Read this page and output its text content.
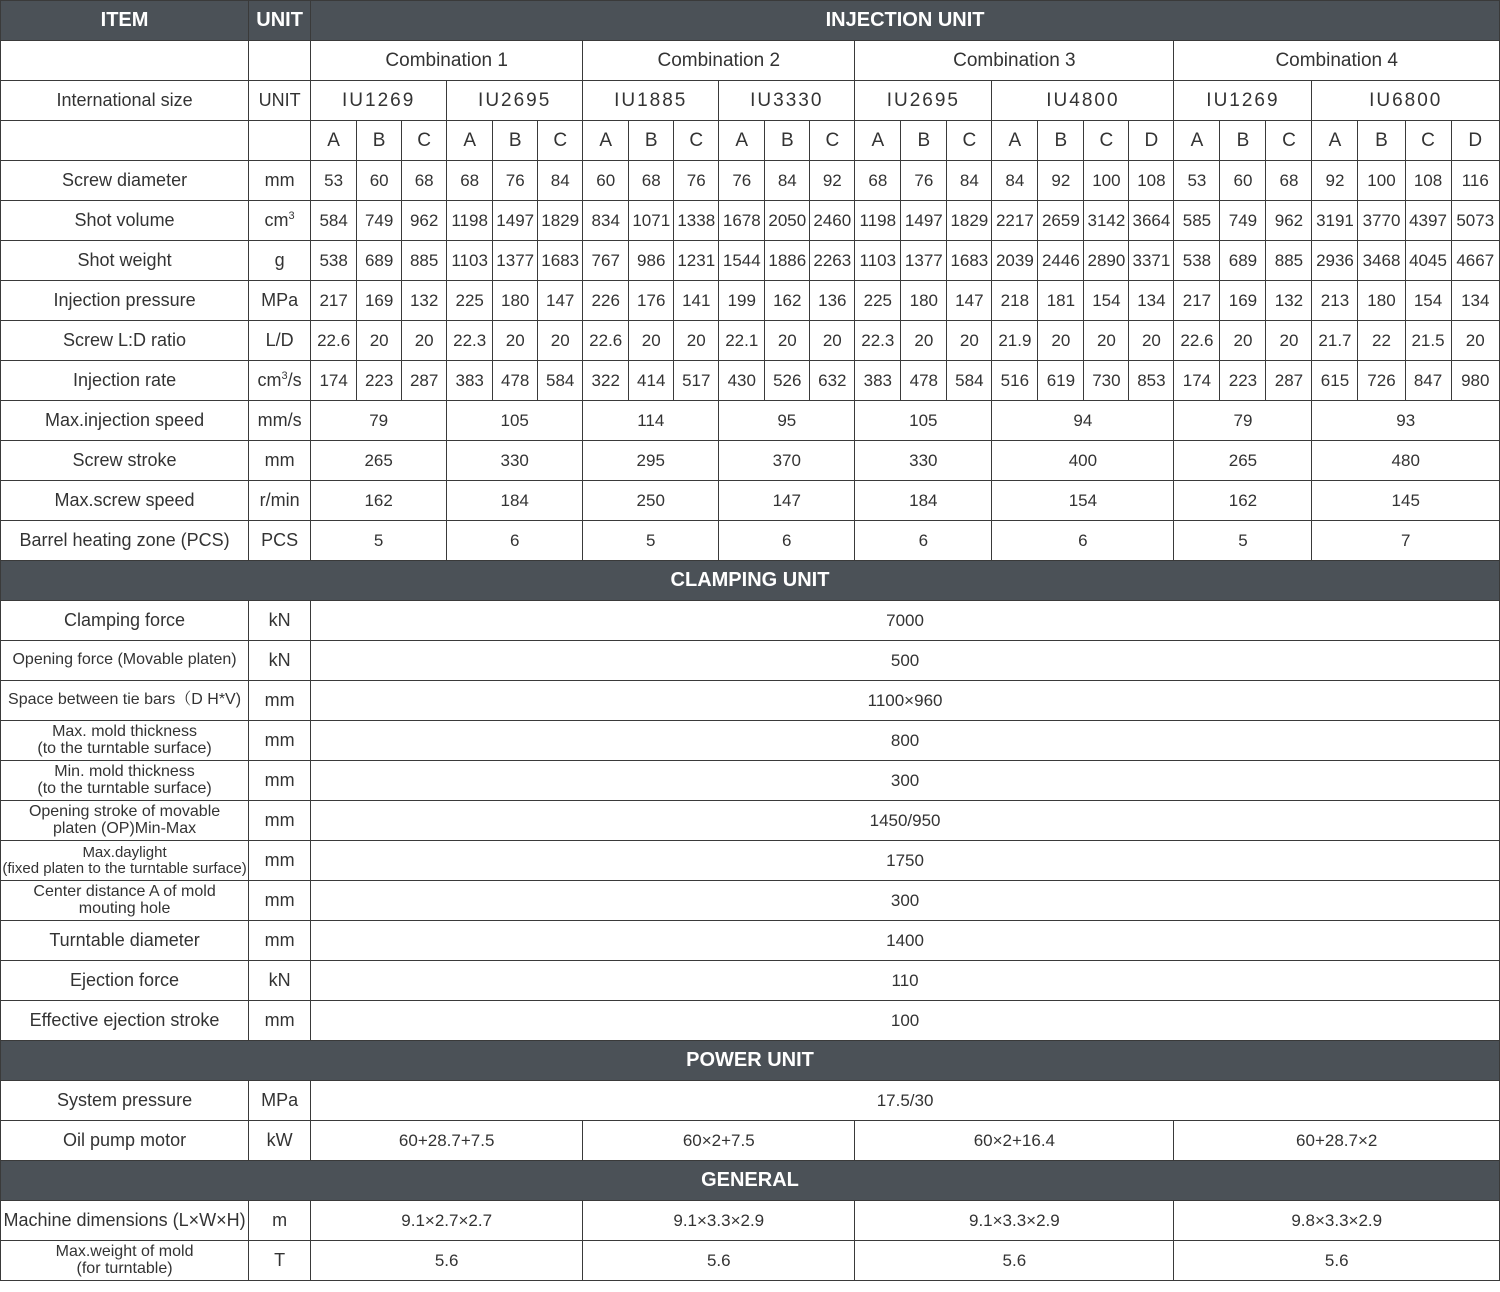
ITEM	UNIT	INJECTION UNIT																									
		Combination 1						Combination 2						Combination 3							Combination 4						
International size	UNIT	IU1269			IU2695			IU1885			IU3330			IU2695			IU4800				IU1269			IU6800			
		A	B	C	A	B	C	A	B	C	A	B	C	A	B	C	A	B	C	D	A	B	C	A	B	C	D

Screw diameter	mm	53	60	68	68	76	84	60	68	76	76	84	92	68	76	84	84	92	100	108	53	60	68	92	100	108	116

Shot volume	$cm^3$	584	749	962	1198	1497	1829	834	1071	1338	1678	2050	2460	1198	1497	1829	2217	2659	3142	3664	585	749	962	3191	3770	4397	5073

Shot weight	g	538	689	885	1103	1377	1683	767	986	1231	1544	1886	2263	1103	1377	1683	2039	2446	2890	3371	538	689	885	2936	3468	4045	4667

Injection pressure	MPa	217	169	132	225	180	147	226	176	141	199	162	136	225	180	147	218	181	154	134	217	169	132	213	180	154	134

Screw L:D ratio	L/D	22.6	20	20	22.3	20	20	22.6	20	20	22.1	20	20	22.3	20	20	21.9	20	20	20	22.6	20	20	21.7	22	21.5	20

Injection rate	$cm^3/s$	174	223	287	383	478	584	322	414	517	430	526	632	383	478	584	516	619	730	853	174	223	287	615	726	847	980

Max.injection speed	mm/s	79			105			114			95			105			94				79			93			

Screw stroke	mm	265			330			295			370			330			400				265			480			

Max.screw speed	r/min	162			184			250			147			184			154				162			145			

Barrel heating zone (PCS)	PCS	5			6			5			6			6			6				5			7			
CLAMPING UNIT																											

Clamping force	kN	7000																									

Opening force (Movable platen)	kN	500																									

Space between tie bars（D H*V)	mm	1100×960																									

Max. mold thickness
(to the turntable surface)	mm	800																									

Min. mold thickness
(to the turntable surface)	mm	300																									

Opening stroke of movable
platen (OP)Min-Max	mm	1450/950																									

Max.daylight
(fixed platen to the turntable surface)	mm	1750																									

Center distance A of mold
mouting hole	mm	300																									

Turntable diameter	mm	1400																									

Ejection force	kN	110																									

Effective ejection stroke	mm	100																									
POWER UNIT																											

System pressure	MPa	17.5/30																									

Oil pump motor	kW	60+28.7+7.5						60×2+7.5						60×2+16.4							60+28.7×2						
GENERAL																											

Machine dimensions (L×W×H)	m	9.1×2.7×2.7						9.1×3.3×2.9						9.1×3.3×2.9							9.8×3.3×2.9						

Max.weight of mold
(for turntable)	T	5.6						5.6						5.6							5.6						
